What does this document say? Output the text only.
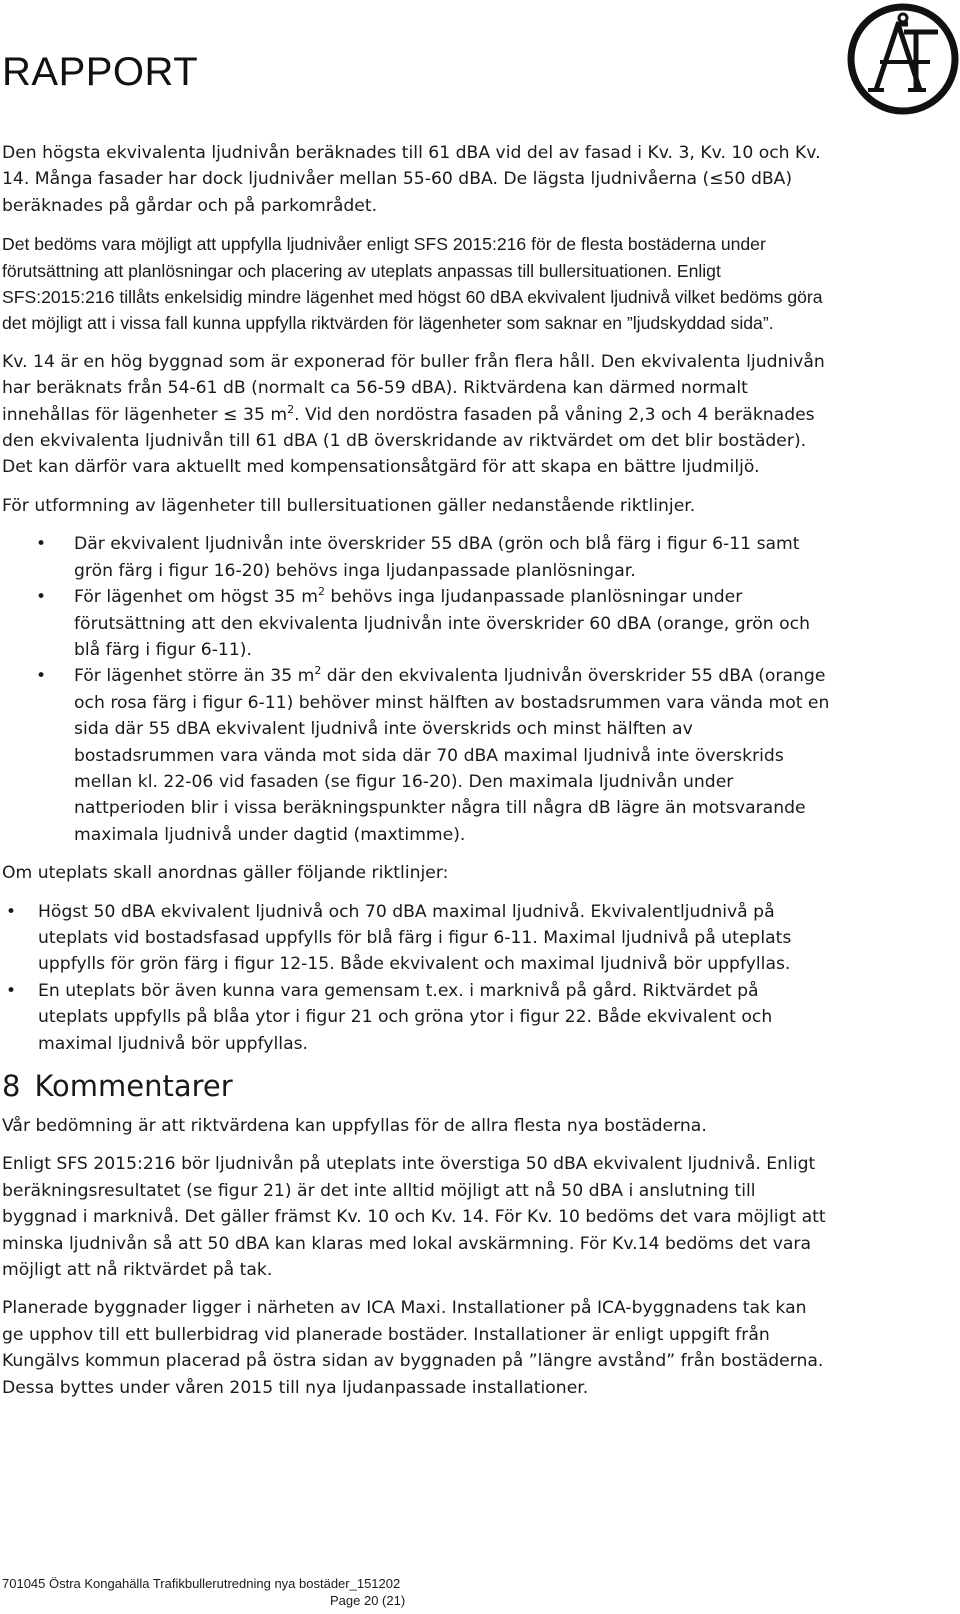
RAPPORT

Den högsta ekvivalenta ljudnivån beräknades till 61 dBA vid del av fasad i Kv. 3, Kv. 10 och Kv. 14. Många fasader har dock ljudnivåer mellan 55-60 dBA. De lägsta ljudnivåerna (≤50 dBA) beräknades på gårdar och på parkområdet.

Det bedöms vara möjligt att uppfylla ljudnivåer enligt SFS 2015:216 för de flesta bostäderna under förutsättning att planlösningar och placering av uteplats anpassas till bullersituationen. Enligt SFS:2015:216 tillåts enkelsidig mindre lägenhet med högst 60 dBA ekvivalent ljudnivå vilket bedöms göra det möjligt att i vissa fall kunna uppfylla riktvärden för lägenheter som saknar en ”ljudskyddad sida”.

Kv. 14 är en hög byggnad som är exponerad för buller från flera håll. Den ekvivalenta ljudnivån har beräknats från 54-61 dB (normalt ca 56-59 dBA). Riktvärdena kan därmed normalt innehållas för lägenheter ≤ 35 $m^2$. Vid den nordöstra fasaden på våning 2,3 och 4 beräknades den ekvivalenta ljudnivån till 61 dBA (1 dB överskridande av riktvärdet om det blir bostäder). Det kan därför vara aktuellt med kompensationsåtgärd för att skapa en bättre ljudmiljö.

För utformning av lägenheter till bullersituationen gäller nedanstående riktlinjer.

• Där ekvivalent ljudnivån inte överskrider 55 dBA (grön och blå färg i figur 6-11 samt grön färg i figur 16-20) behövs inga ljudanpassade planlösningar.
• För lägenhet om högst 35 $m^2$ behövs inga ljudanpassade planlösningar under förutsättning att den ekvivalenta ljudnivån inte överskrider 60 dBA (orange, grön och blå färg i figur 6-11).
• För lägenhet större än 35 $m^2$ där den ekvivalenta ljudnivån överskrider 55 dBA (orange och rosa färg i figur 6-11) behöver minst hälften av bostadsrummen vara vända mot en sida där 55 dBA ekvivalent ljudnivå inte överskrids och minst hälften av bostadsrummen vara vända mot sida där 70 dBA maximal ljudnivå inte överskrids mellan kl. 22-06 vid fasaden (se figur 16-20). Den maximala ljudnivån under nattperioden blir i vissa beräkningspunkter några till några dB lägre än motsvarande maximala ljudnivå under dagtid (maxtimme).

Om uteplats skall anordnas gäller följande riktlinjer:

• Högst 50 dBA ekvivalent ljudnivå och 70 dBA maximal ljudnivå. Ekvivalentljudnivå på uteplats vid bostadsfasad uppfylls för blå färg i figur 6-11. Maximal ljudnivå på uteplats uppfylls för grön färg i figur 12-15. Både ekvivalent och maximal ljudnivå bör uppfyllas.
• En uteplats bör även kunna vara gemensam t.ex. i marknivå på gård. Riktvärdet på uteplats uppfylls på blåa ytor i figur 21 och gröna ytor i figur 22. Både ekvivalent och maximal ljudnivå bör uppfyllas.
8 Kommentarer

Vår bedömning är att riktvärdena kan uppfyllas för de allra flesta nya bostäderna.

Enligt SFS 2015:216 bör ljudnivån på uteplats inte överstiga 50 dBA ekvivalent ljudnivå. Enligt beräkningsresultatet (se figur 21) är det inte alltid möjligt att nå 50 dBA i anslutning till byggnad i marknivå. Det gäller främst Kv. 10 och Kv. 14. För Kv. 10 bedöms det vara möjligt att minska ljudnivån så att 50 dBA kan klaras med lokal avskärmning. För Kv.14 bedöms det vara möjligt att nå riktvärdet på tak.

Planerade byggnader ligger i närheten av ICA Maxi. Installationer på ICA-byggnadens tak kan ge upphov till ett bullerbidrag vid planerade bostäder. Installationer är enligt uppgift från Kungälvs kommun placerad på östra sidan av byggnaden på ”längre avstånd” från bostäderna. Dessa byttes under våren 2015 till nya ljudanpassade installationer.

701045 Östra Kongahälla Trafikbullerutredning nya bostäder_151202
Page 20 (21)
